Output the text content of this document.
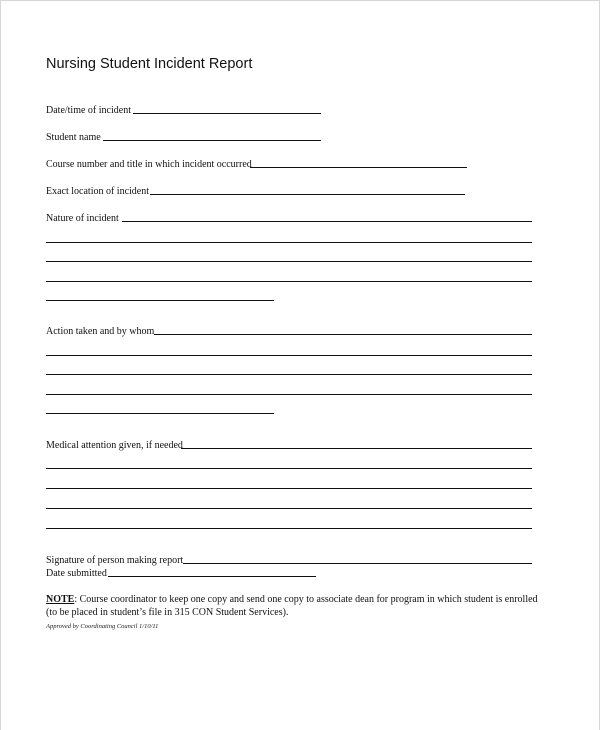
Nursing Student Incident Report
Date/time of incident
Student name
Course number and title in which incident occurred
Exact location of incident
Nature of incident
Action taken and by whom
Medical attention given, if needed
Signature of person making report
Date submitted
NOTE: Course coordinator to keep one copy and send one copy to associate dean for program in which student is enrolled
(to be placed in student’s file in 315 CON Student Services).
Approved by Coordinating Council 1/10/11
